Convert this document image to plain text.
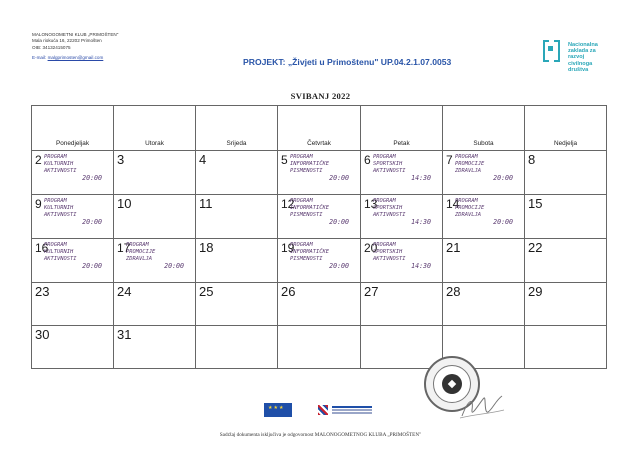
MALONOGOMETNI KLUB „PRIMOŠTEN"
Mala riokuća 16, 22202 Primošten
OIB: 34132415075
E-mail: malgprimosten@gmail.com	PROJEKT: „Živjeti u Primoštenu" UP.04.2.1.07.0053
Nacionalna
zaklada za
razvoj
civilnoga
društva
SVIBANJ 2022
Ponedjeljak	Utorak	Srijeda	Četvrtak	Petak	Subota	Nedjelja

2 PROGRAM
KULTURNIH
AKTIVNOSTI
20:00	3	4	5 PROGRAM
INFORMATIČKE
PISMENOSTI
20:00	6 PROGRAM
SPORTSKIH
AKTIVNOSTI
14:30	7 PROGRAM
PROMOCIJE
ZDRAVLJA
20:00	8

9 PROGRAM
KULTURNIH
AKTIVNOSTI
20:00	10	11	12
PROGRAM
INFORMATIČKE
PISMENOSTI
20:00	13
PROGRAM
SPORTSKIH
AKTIVNOSTI
14:30	14
PROGRAM
PROMOCIJE
ZDRAVLJA
20:00	15

16
PROGRAM
KULTURNIH
AKTIVNOSTI
20:00	17
PROGRAM
PROMOCIJE
ZDRAVLJA
20:00	18	19
PROGRAM
INFORMATIČKE
PISMENOSTI
20:00	20
PROGRAM
SPORTSKIH
AKTIVNOSTI
14:30	21	22

23	24	25	26	27	28	29

30	31					

★★★
Sadržaj dokumenta isključiva je odgovornost MALONOGOMETNOG KLUBA „PRIMOŠTEN"
